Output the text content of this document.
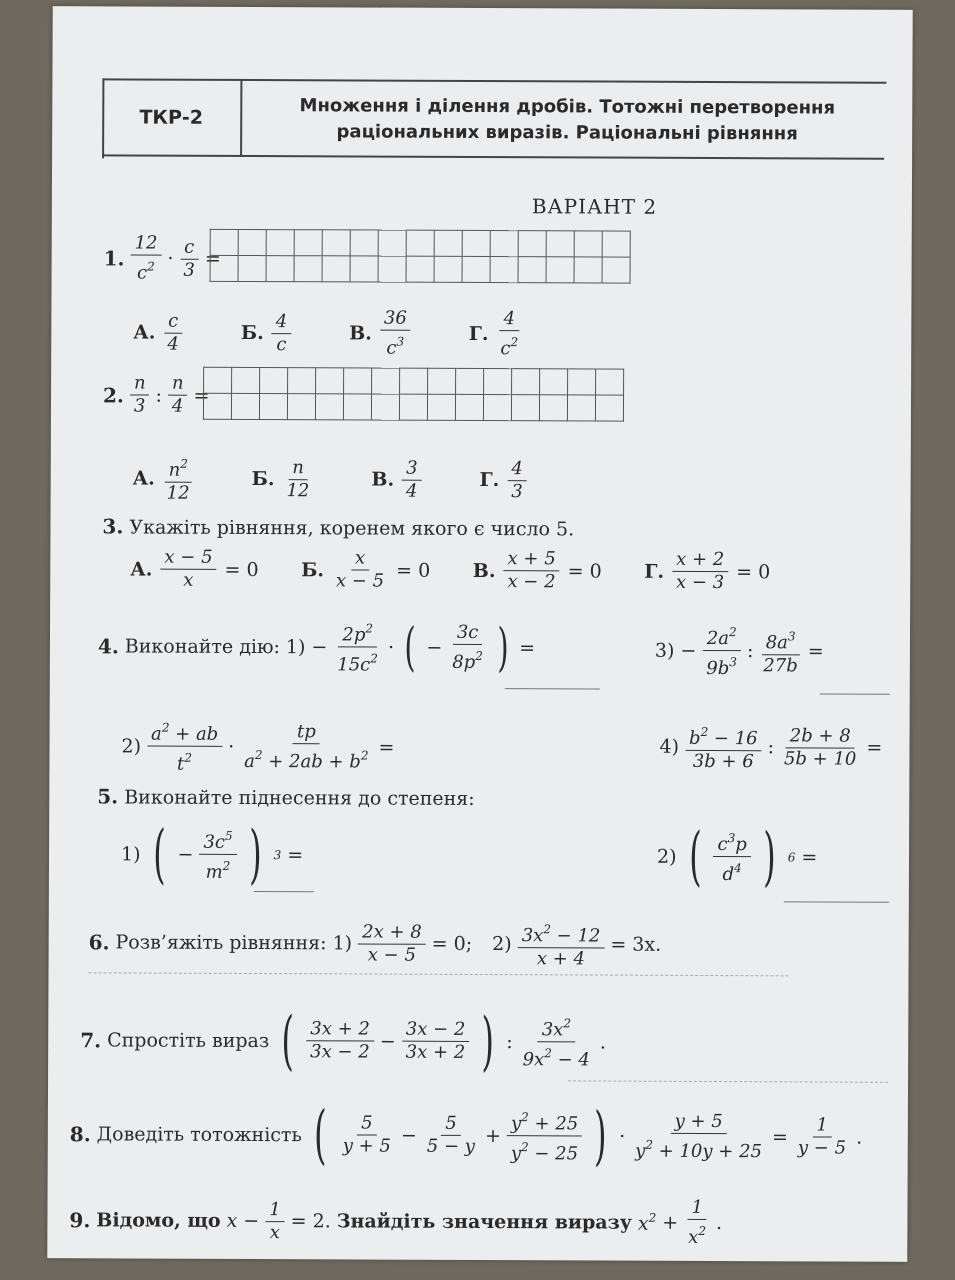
ТКР-2	Множення і ділення дробів. Тотожні перетворення
раціональних виразів. Раціональні рівняння
ВАРІАНТ 2
1. $\frac{12}{c^2} \cdot \frac{c}{3}$ =

А. $\frac{c}{4}$	Б. $\frac{4}{c}$	В. $\frac{36}{c^3}$	Г. $\frac{4}{c^2}$
2. $\frac{n}{3}$ : $\frac{n}{4}$ =

А. $\frac{n^2}{12}$	Б. $\frac{n}{12}$	В. $\frac{3}{4}$	Г. $\frac{4}{3}$
3. Укажіть рівняння, коренем якого є число 5.
А. $\frac{x - 5}{x} = 0$ Б. $\frac{x}{x - 5} = 0$ В. $\frac{x + 5}{x - 2} = 0$ Г. $\frac{x + 2}{x - 3} = 0$
4. Виконайте дію: $1) - \frac{2p^2}{15c^2}$ · ( − $\frac{3c}{8p^2}$ ) =	$3) - \frac{2a^2}{9b^3}$ : $\frac{8a^3}{27b}$ =
$2) \frac{a^2 + ab}{t^2} \cdot \frac{tp}{a^2 + 2ab + b^2}$ =	$4) \frac{b^2 - 16}{3b + 6}$ : $\frac{2b + 8}{5b + 10}$ =
5. Виконайте піднесення до степеня:
1) ( − $\frac{3c^5}{m^2}$ ) 3 =	2) ( $\frac{c^3p}{d^4}$ ) 6 =
6. Розв’яжіть рівняння: $1) \frac{2x + 8}{x - 5} = 0$; $2) \frac{3x^2 - 12}{x + 4} = 3x$.
7. Спростіть вираз ( $\frac{3x + 2}{3x - 2} - \frac{3x - 2}{3x + 2}$ ) : $\frac{3x^2}{9x^2 - 4}$ .
8. Доведіть тотожність ( $\frac{5}{y + 5} - \frac{5}{5 - y} + \frac{y^2 + 25}{y^2 - 25}$ ) · $\frac{y + 5}{y^2 + 10y + 25} = \frac{1}{y - 5}$ .
9. Відомо, що $x - \frac{1}{x} = 2$. Знайдіть значення виразу $x^2 + \frac{1}{x^2}$ .
